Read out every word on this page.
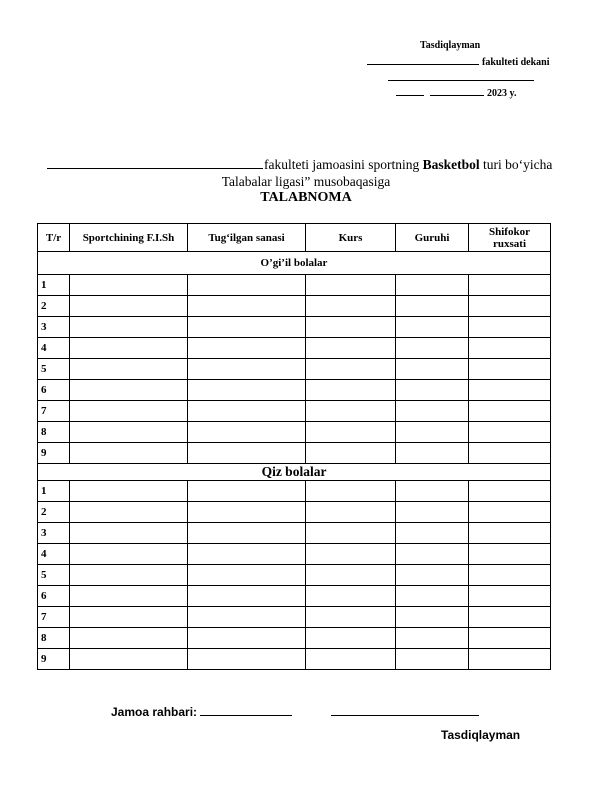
Tasdiqlayman
fakulteti dekani
2023 y.
fakulteti jamoasini sportning Basketbol turi bo‘yicha
Talabalar ligasi” musobaqasiga
TALABNOMA
T/r	Sportchining F.I.Sh	Tug‘ilgan sanasi	Kurs	Guruhi	Shifokor ruxsati
O’gi’il bolalar					
1					
2					
3					
4					
5					
6					
7					
8					
9					
Qiz bolalar					
1					
2					
3					
4					
5					
6					
7					
8					
9					
Jamoa rahbari:
Tasdiqlayman
